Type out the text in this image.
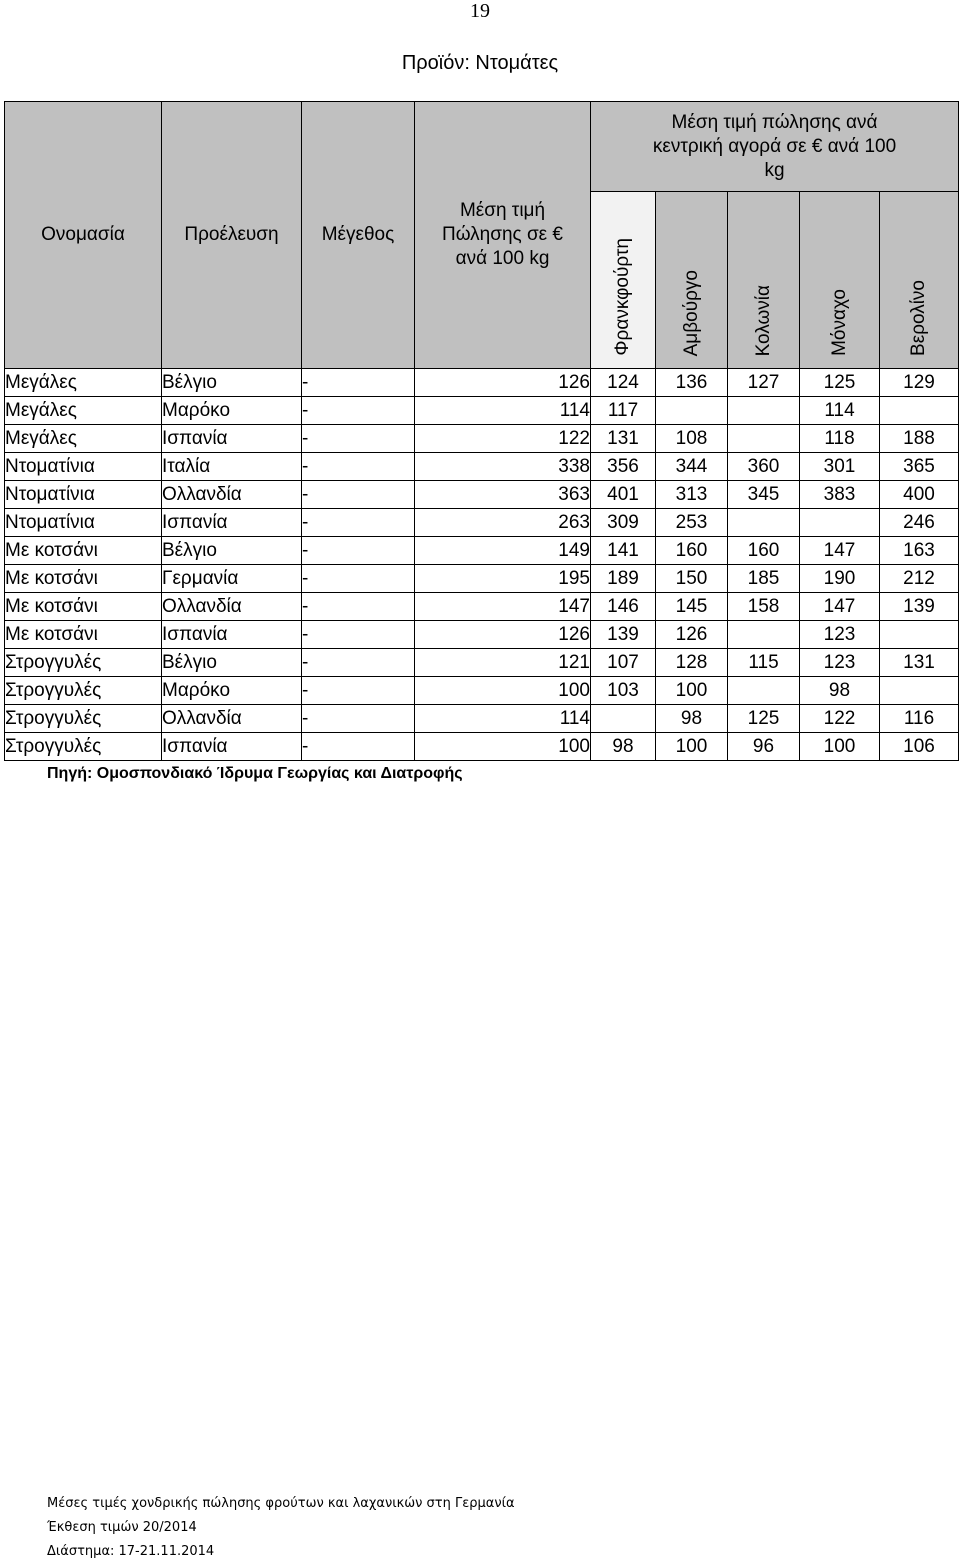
19
Προϊόν: Ντομάτες
Ονομασία	Προέλευση	Μέγεθος	Μέση τιμή Πώλησης σε € ανά 100 kg	Μέση τιμή πώλησης ανά κεντρική αγορά σε € ανά 100 kg				

				Φρανκφούρτη	Αμβούργο	Κολωνία	Μόναχο	Βερολίνο

Μεγάλες	Βέλγιο	-	126	124	136	127	125	129
Μεγάλες	Μαρόκο	-	114	117			114	
Μεγάλες	Ισπανία	-	122	131	108		118	188
Ντοματίνια	Ιταλία	-	338	356	344	360	301	365
Ντοματίνια	Ολλανδία	-	363	401	313	345	383	400
Ντοματίνια	Ισπανία	-	263	309	253			246
Με κοτσάνι	Βέλγιο	-	149	141	160	160	147	163
Με κοτσάνι	Γερμανία	-	195	189	150	185	190	212
Με κοτσάνι	Ολλανδία	-	147	146	145	158	147	139
Με κοτσάνι	Ισπανία	-	126	139	126		123	
Στρογγυλές	Βέλγιο	-	121	107	128	115	123	131
Στρογγυλές	Μαρόκο	-	100	103	100		98	
Στρογγυλές	Ολλανδία	-	114		98	125	122	116
Στρογγυλές	Ισπανία	-	100	98	100	96	100	106
Πηγή: Ομοσπονδιακό Ίδρυμα Γεωργίας και Διατροφής
Μέσες τιμές χονδρικής πώλησης φρούτων και λαχανικών στη Γερμανία
Έκθεση τιμών 20/2014
Διάστημα: 17-21.11.2014
